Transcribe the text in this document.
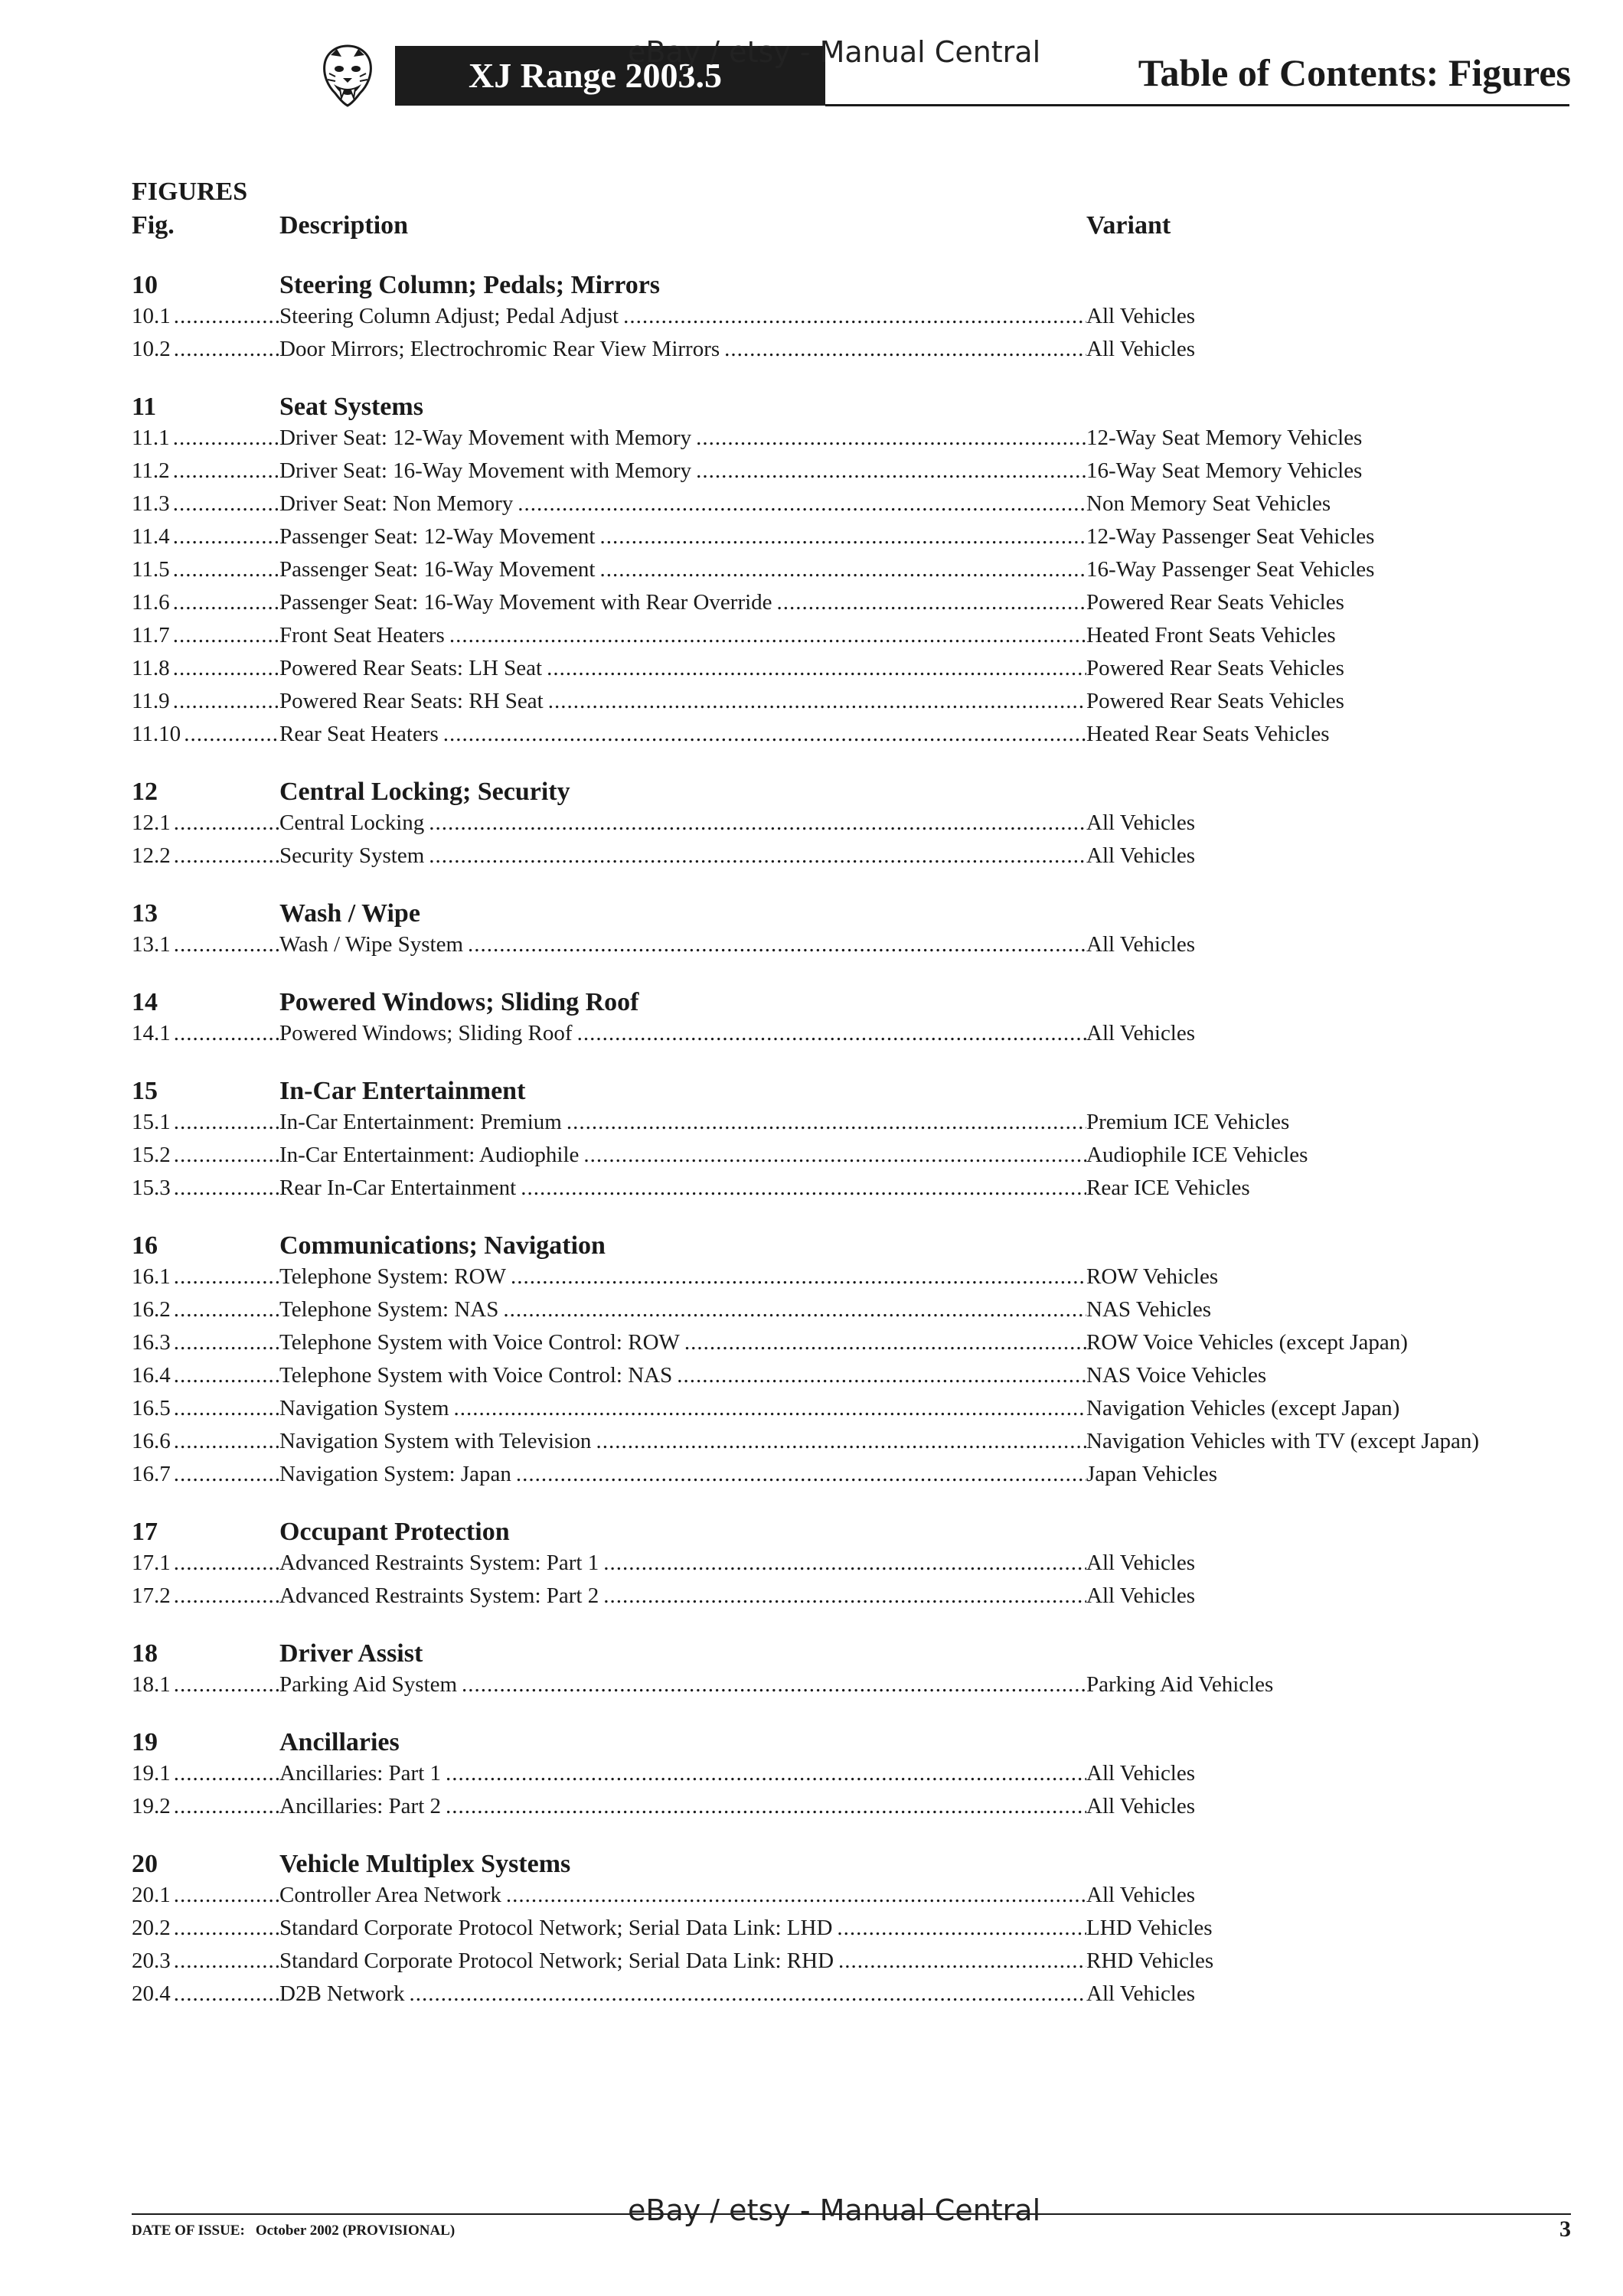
XJ Range 2003.5	Table of Contents: Figures
eBay / etsy - Manual Central
FIGURES
Fig.	Description	Variant
10	Steering Column; Pedals; Mirrors
10.1 .....	Steering Column Adjust; Pedal Adjust .....	All Vehicles
10.2 .....	Door Mirrors; Electrochromic Rear View Mirrors .....	All Vehicles
11	Seat Systems
11.1 .....	Driver Seat: 12-Way Movement with Memory .....	12-Way Seat Memory Vehicles
11.2 .....	Driver Seat: 16-Way Movement with Memory .....	16-Way Seat Memory Vehicles
11.3 .....	Driver Seat: Non Memory .....	Non Memory Seat Vehicles
11.4 .....	Passenger Seat: 12-Way Movement .....	12-Way Passenger Seat Vehicles
11.5 .....	Passenger Seat: 16-Way Movement .....	16-Way Passenger Seat Vehicles
11.6 .....	Passenger Seat: 16-Way Movement with Rear Override .....	Powered Rear Seats Vehicles
11.7 .....	Front Seat Heaters .....	Heated Front Seats Vehicles
11.8 .....	Powered Rear Seats: LH Seat .....	Powered Rear Seats Vehicles
11.9 .....	Powered Rear Seats: RH Seat .....	Powered Rear Seats Vehicles
11.10 .....	Rear Seat Heaters .....	Heated Rear Seats Vehicles
12	Central Locking; Security
12.1 .....	Central Locking .....	All Vehicles
12.2 .....	Security System .....	All Vehicles
13	Wash / Wipe
13.1 .....	Wash / Wipe System .....	All Vehicles
14	Powered Windows; Sliding Roof
14.1 .....	Powered Windows; Sliding Roof .....	All Vehicles
15	In-Car Entertainment
15.1 .....	In-Car Entertainment: Premium .....	Premium ICE Vehicles
15.2 .....	In-Car Entertainment: Audiophile .....	Audiophile ICE Vehicles
15.3 .....	Rear In-Car Entertainment .....	Rear ICE Vehicles
16	Communications; Navigation
16.1 .....	Telephone System: ROW .....	ROW Vehicles
16.2 .....	Telephone System: NAS .....	NAS Vehicles
16.3 .....	Telephone System with Voice Control: ROW .....	ROW Voice Vehicles (except Japan)
16.4 .....	Telephone System with Voice Control: NAS .....	NAS Voice Vehicles
16.5 .....	Navigation System .....	Navigation Vehicles (except Japan)
16.6 .....	Navigation System with Television .....	Navigation Vehicles with TV (except Japan)
16.7 .....	Navigation System: Japan .....	Japan Vehicles
17	Occupant Protection
17.1 .....	Advanced Restraints System: Part 1 .....	All Vehicles
17.2 .....	Advanced Restraints System: Part 2 .....	All Vehicles
18	Driver Assist
18.1 .....	Parking Aid System .....	Parking Aid Vehicles
19	Ancillaries
19.1 .....	Ancillaries: Part 1 .....	All Vehicles
19.2 .....	Ancillaries: Part 2 .....	All Vehicles
20	Vehicle Multiplex Systems
20.1 .....	Controller Area Network .....	All Vehicles
20.2 .....	Standard Corporate Protocol Network; Serial Data Link: LHD .....	LHD Vehicles
20.3 .....	Standard Corporate Protocol Network; Serial Data Link: RHD .....	RHD Vehicles
20.4 .....	D2B Network .....	All Vehicles
DATE OF ISSUE: October 2002 (PROVISIONAL)
eBay / etsy - Manual Central
3
